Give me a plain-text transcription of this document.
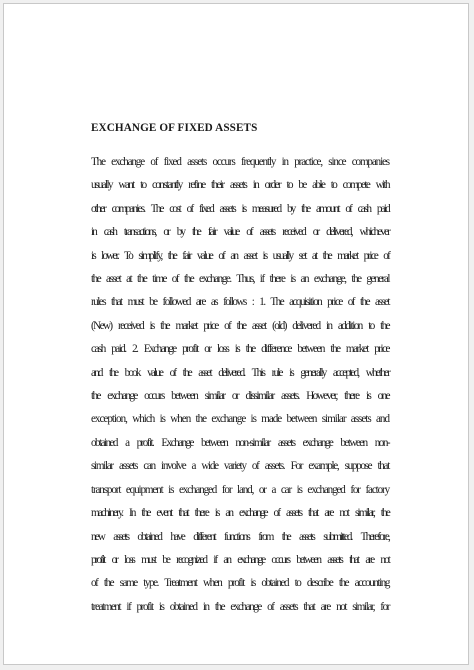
EXCHANGE OF FIXED ASSETS
The exchange of fixed assets occurs frequently in practice, since companies
usually want to constantly refine their assets in order to be able to compete with
other companies. The cost of fixed assets is measured by the amount of cash paid
in cash transactions, or by the fair value of assets received or delivered, whichever
is lower. To simplify, the fair value of an asset is usually set at the market price of
the asset at the time of the exchange. Thus, if there is an exchange, the general
rules that must be followed are as follows : 1. The acquisition price of the asset
(New) received is the market price of the asset (old) delivered in addition to the
cash paid. 2. Exchange profit or loss is the difference between the market price
and the book value of the asset delivered. This rule is generally accepted, whether
the exchange occurs between similar or dissimilar assets. However, there is one
exception, which is when the exchange is made between similar assets and
obtained a profit. Exchange between non-similar assets exchange between non-
similar assets can involve a wide variety of assets. For example, suppose that
transport equipment is exchanged for land, or a car is exchanged for factory
machinery. In the event that there is an exchange of assets that are not similar, the
new assets obtained have different functions from the assets submitted. Therefore,
profit or loss must be recognized if an exchange occurs between assets that are not
of the same type. Treatment when profit is obtained to describe the accounting
treatment if profit is obtained in the exchange of assets that are not similar, for
